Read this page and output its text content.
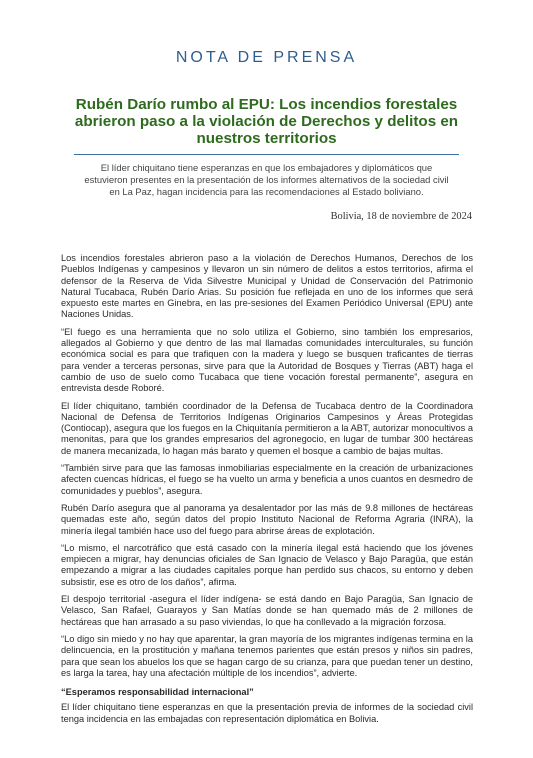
NOTA DE PRENSA
Rubén Darío rumbo al EPU: Los incendios forestales abrieron paso a la violación de Derechos y delitos en nuestros territorios

El líder chiquitano tiene esperanzas en que los embajadores y diplomáticos que estuvieron presentes en la presentación de los informes alternativos de la sociedad civil en La Paz, hagan incidencia para las recomendaciones al Estado boliviano.

Bolivia, 18 de noviembre de 2024

Los incendios forestales abrieron paso a la violación de Derechos Humanos, Derechos de los Pueblos Indígenas y campesinos y llevaron un sin número de delitos a estos territorios, afirma el defensor de la Reserva de Vida Silvestre Municipal y Unidad de Conservación del Patrimonio Natural Tucabaca, Rubén Darío Arias. Su posición fue reflejada en uno de los informes que será expuesto este martes en Ginebra, en las pre-sesiones del Examen Periódico Universal (EPU) ante Naciones Unidas.

“El fuego es una herramienta que no solo utiliza el Gobierno, sino también los empresarios, allegados al Gobierno y que dentro de las mal llamadas comunidades interculturales, su función económica social es para que trafiquen con la madera y luego se busquen traficantes de tierras para vender a terceras personas, sirve para que la Autoridad de Bosques y Tierras (ABT) haga el cambio de uso de suelo como Tucabaca que tiene vocación forestal permanente”, asegura en entrevista desde Roboré.

El líder chiquitano, también coordinador de la Defensa de Tucabaca dentro de la Coordinadora Nacional de Defensa de Territorios Indígenas Originarios Campesinos y Áreas Protegidas (Contiocap), asegura que los fuegos en la Chiquitanía permitieron a la ABT, autorizar monocultivos a menonitas, para que los grandes empresarios del agronegocio, en lugar de tumbar 300 hectáreas de manera mecanizada, lo hagan más barato y quemen el bosque a cambio de bajas multas.

“También sirve para que las famosas inmobiliarias especialmente en la creación de urbanizaciones afecten cuencas hídricas, el fuego se ha vuelto un arma y beneficia a unos cuantos en desmedro de comunidades y pueblos”, asegura.

Rubén Darío asegura que al panorama ya desalentador por las más de 9.8 millones de hectáreas quemadas este año, según datos del propio Instituto Nacional de Reforma Agraria (INRA), la minería ilegal también hace uso del fuego para abrirse áreas de explotación.

“Lo mismo, el narcotráfico que está casado con la minería ilegal está haciendo que los jóvenes empiecen a migrar, hay denuncias oficiales de San Ignacio de Velasco y Bajo Paragüa, que están empezando a migrar a las ciudades capitales porque han perdido sus chacos, su entorno y deben subsistir, ese es otro de los daños”, afirma.

El despojo territorial -asegura el líder indígena- se está dando en Bajo Paragüa, San Ignacio de Velasco, San Rafael, Guarayos y San Matías donde se han quemado más de 2 millones de hectáreas que han arrasado a su paso viviendas, lo que ha conllevado a la migración forzosa.

“Lo digo sin miedo y no hay que aparentar, la gran mayoría de los migrantes indígenas termina en la delincuencia, en la prostitución y mañana tenemos parientes que están presos y niños sin padres, para que sean los abuelos los que se hagan cargo de su crianza, para que puedan tener un destino, es larga la tarea, hay una afectación múltiple de los incendios”, advierte.

“Esperamos responsabilidad internacional”

El líder chiquitano tiene esperanzas en que la presentación previa de informes de la sociedad civil tenga incidencia en las embajadas con representación diplomática en Bolivia.
